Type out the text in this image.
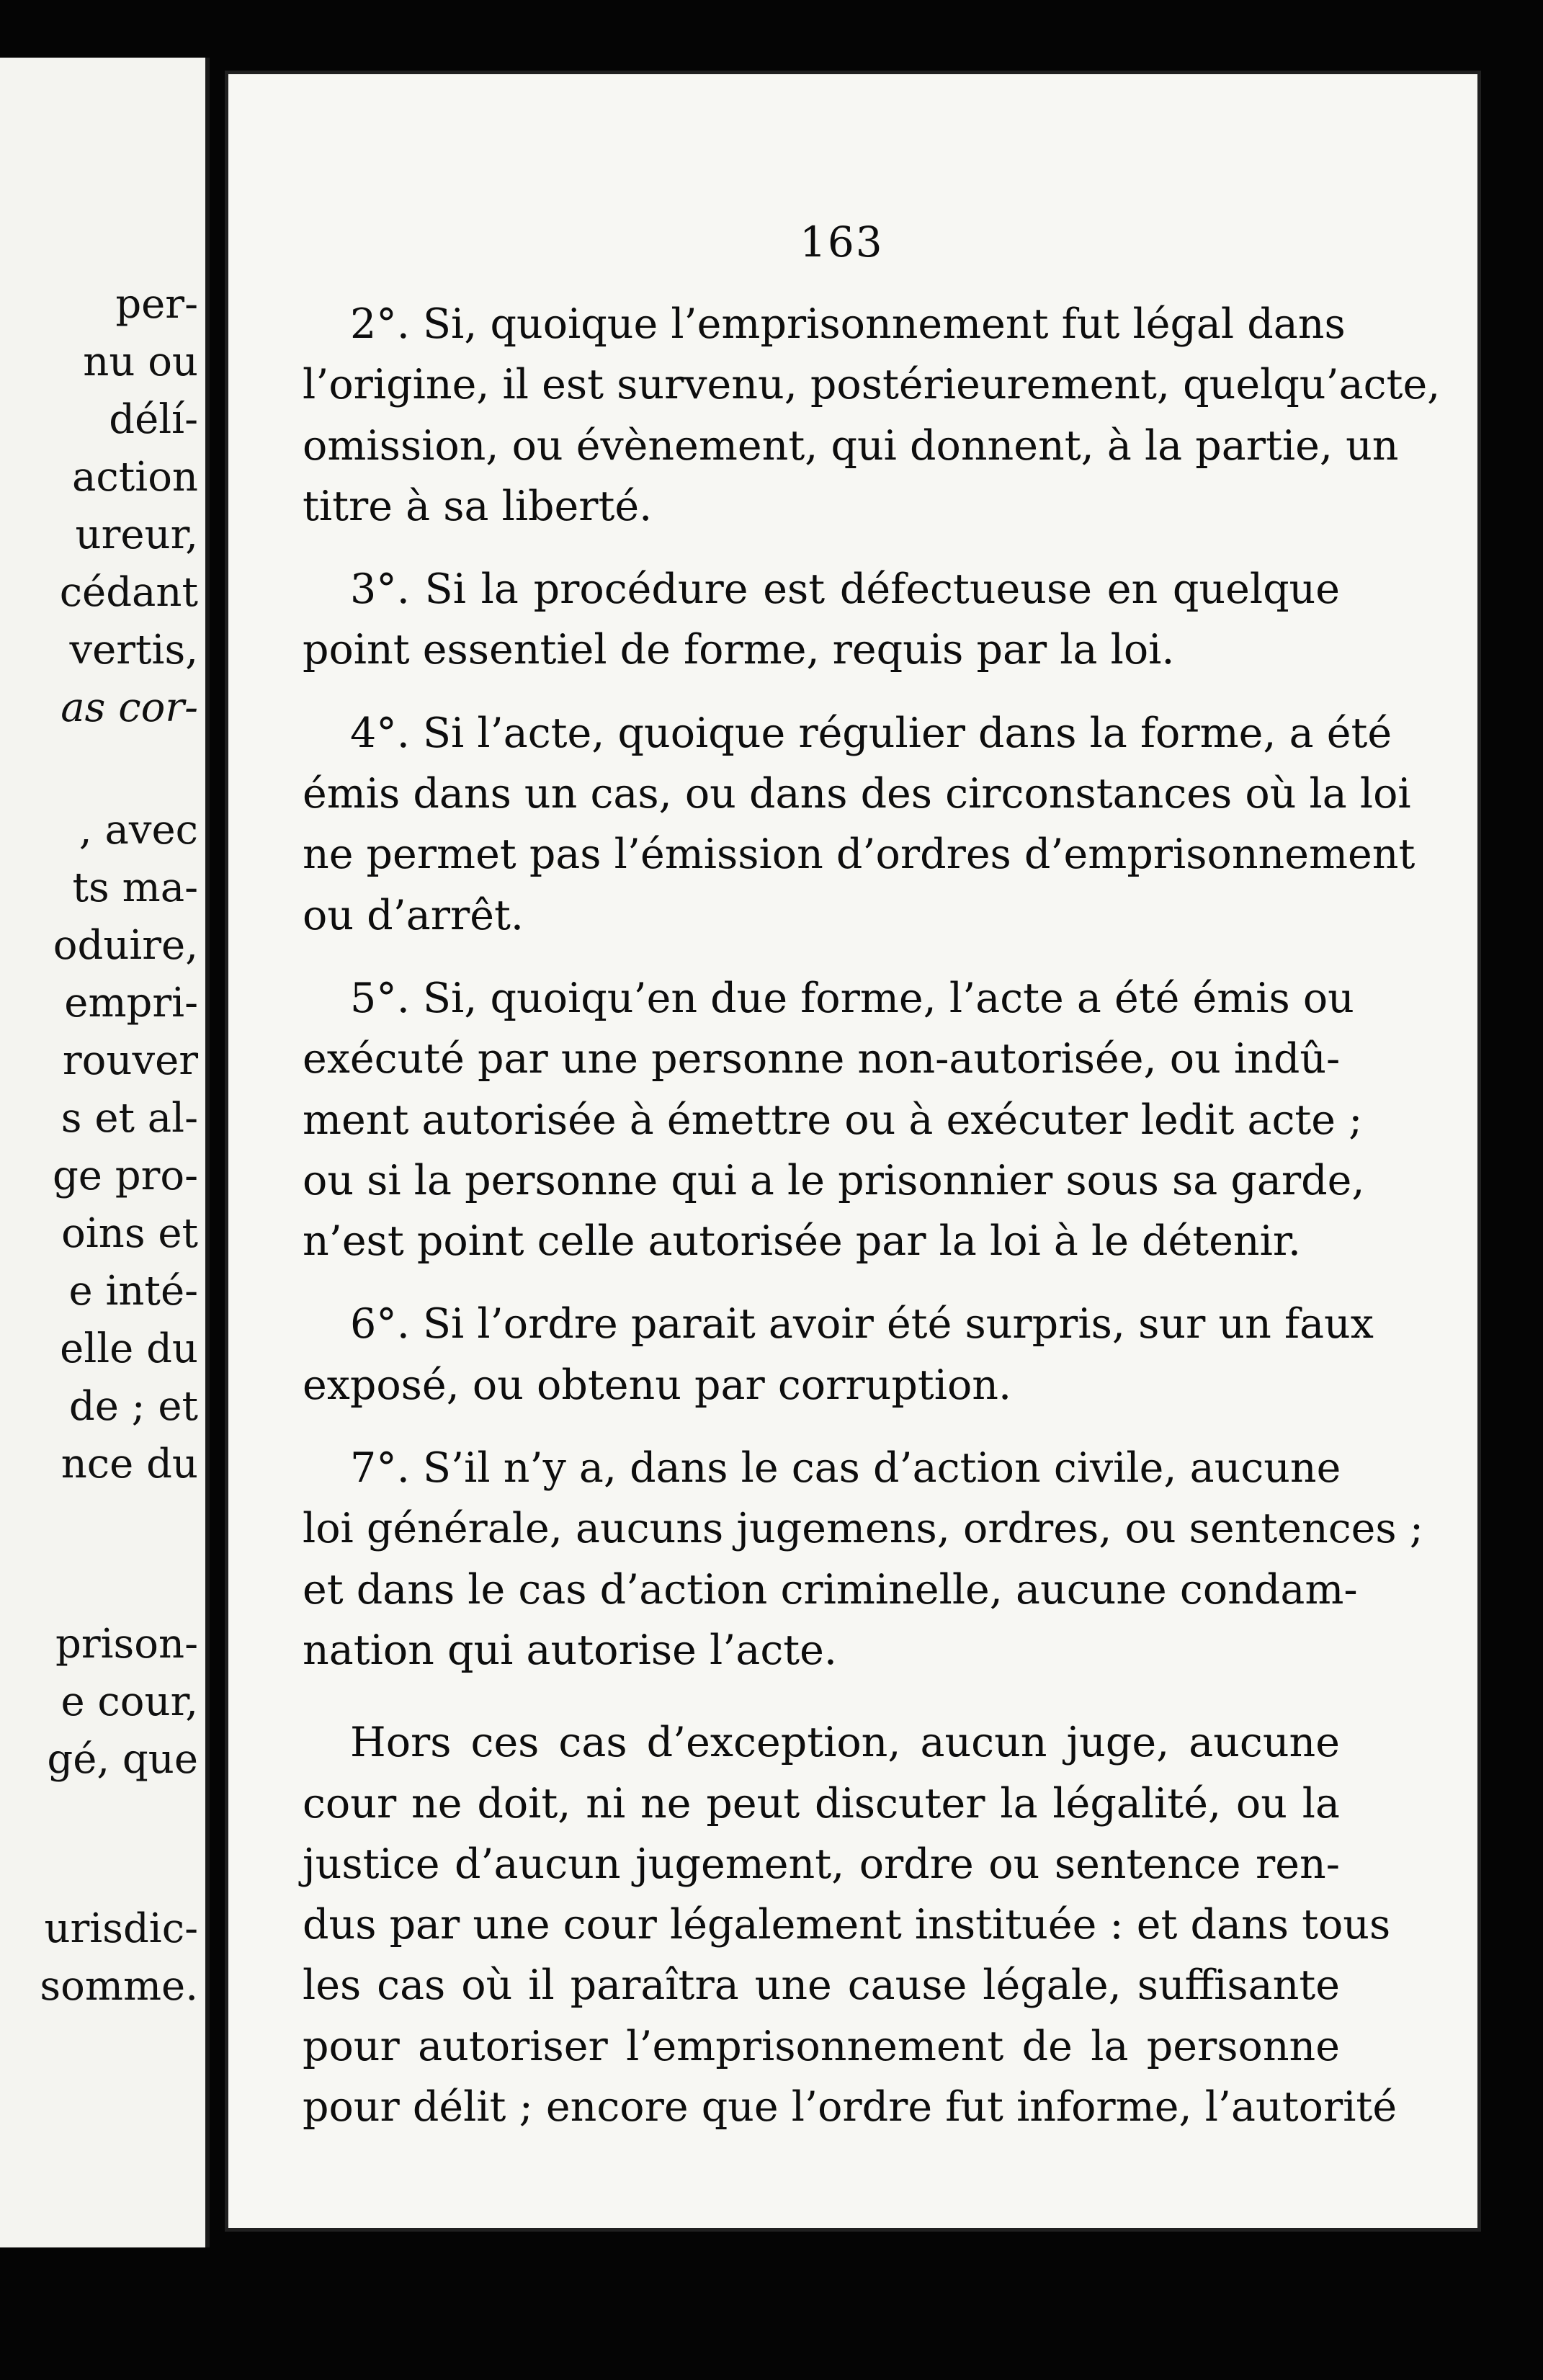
per-
nu ou
délí-
action
ureur,
cédant
vertis,
as cor-
, avec
ts ma-
oduire,
empri-
rouver
s et al-
ge pro-
oins et
e inté-
elle du
de ; et
nce du
prison-
e cour,
gé, que
urisdic-
somme.
163
2°. Si, quoique l’emprisonnement fut légal dans
l’origine, il est survenu, postérieurement, quelqu’acte,
omission, ou évènement, qui donnent, à la partie, un
titre à sa liberté.
3°. Si la procédure est défectueuse en quelque
point essentiel de forme, requis par la loi.
4°. Si l’acte, quoique régulier dans la forme, a été
émis dans un cas, ou dans des circonstances où la loi
ne permet pas l’émission d’ordres d’emprisonnement
ou d’arrêt.
5°. Si, quoiqu’en due forme, l’acte a été émis ou
exécuté par une personne non-autorisée, ou indû-
ment autorisée à émettre ou à exécuter ledit acte ;
ou si la personne qui a le prisonnier sous sa garde,
n’est point celle autorisée par la loi à le détenir.
6°. Si l’ordre parait avoir été surpris, sur un faux
exposé, ou obtenu par corruption.
7°. S’il n’y a, dans le cas d’action civile, aucune
loi générale, aucuns jugemens, ordres, ou sentences ;
et dans le cas d’action criminelle, aucune condam-
nation qui autorise l’acte.
Hors ces cas d’exception, aucun juge, aucune
cour ne doit, ni ne peut discuter la légalité, ou la
justice d’aucun jugement, ordre ou sentence ren-
dus par une cour légalement instituée : et dans tous
les cas où il paraîtra une cause légale, suffisante
pour autoriser l’emprisonnement de la personne
pour délit ; encore que l’ordre fut informe, l’autorité
